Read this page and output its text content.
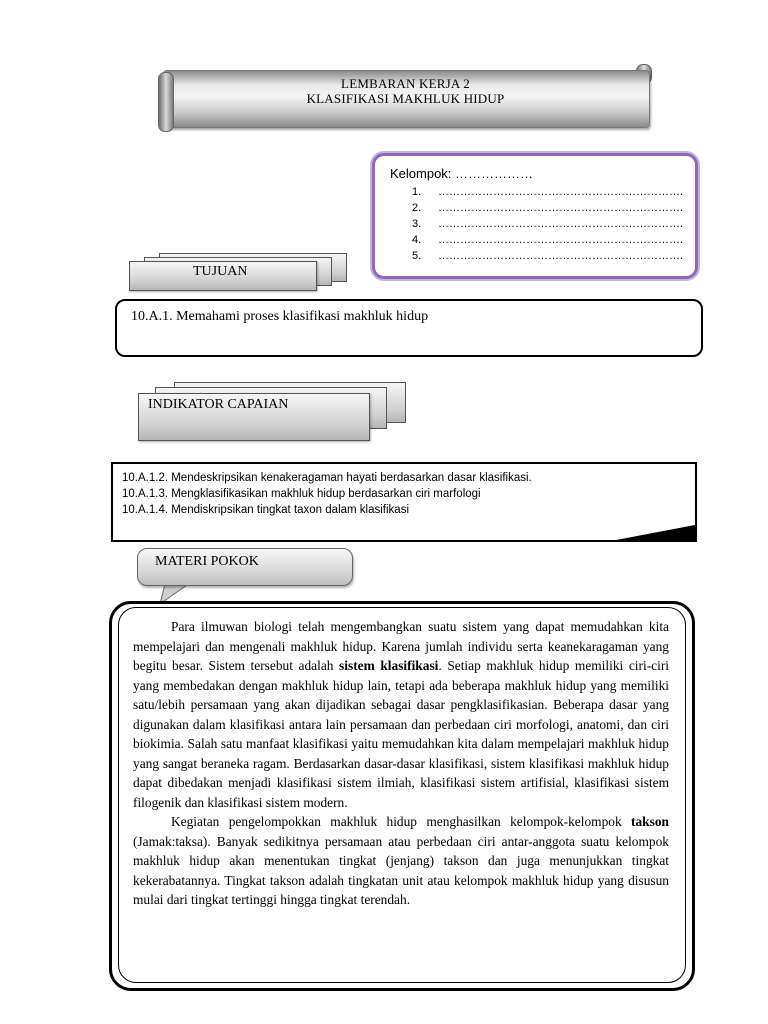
LEMBARAN KERJA 2
KLASIFIKASI MAKHLUK HIDUP
Kelompok: ………………
1.	………………………………………………………….
2.	………………………………………………………….
3.	………………………………………………………….
4.	………………………………………………………….
5.	………………………………………………………….
TUJUAN
10.A.1. Memahami proses klasifikasi makhluk hidup
INDIKATOR CAPAIAN
10.A.1.2. Mendeskripsikan kenakeragaman hayati berdasarkan dasar klasifikasi.
10.A.1.3. Mengklasifikasikan makhluk hidup berdasarkan ciri marfologi
10.A.1.4. Mendiskripsikan tingkat taxon dalam klasifikasi
MATERI POKOK

Para ilmuwan biologi telah mengembangkan suatu sistem yang dapat memudahkan kita mempelajari dan mengenali makhluk hidup. Karena jumlah individu serta keanekaragaman yang begitu besar. Sistem tersebut adalah sistem klasifikasi. Setiap makhluk hidup memiliki ciri-ciri yang membedakan dengan makhluk hidup lain, tetapi ada beberapa makhluk hidup yang memiliki satu/lebih persamaan yang akan dijadikan sebagai dasar pengklasifikasian. Beberapa dasar yang digunakan dalam klasifikasi antara lain persamaan dan perbedaan ciri morfologi, anatomi, dan ciri biokimia. Salah satu manfaat klasifikasi yaitu memudahkan kita dalam mempelajari makhluk hidup yang sangat beraneka ragam. Berdasarkan dasar-dasar klasifikasi, sistem klasifikasi makhluk hidup dapat dibedakan menjadi klasifikasi sistem ilmiah, klasifikasi sistem artifisial, klasifikasi sistem filogenik dan klasifikasi sistem modern.

Kegiatan pengelompokkan makhluk hidup menghasilkan kelompok-kelompok takson (Jamak:taksa). Banyak sedikitnya persamaan atau perbedaan ciri antar-anggota suatu kelompok makhluk hidup akan menentukan tingkat (jenjang) takson dan juga menunjukkan tingkat kekerabatannya. Tingkat takson adalah tingkatan unit atau kelompok makhluk hidup yang disusun mulai dari tingkat tertinggi hingga tingkat terendah.
